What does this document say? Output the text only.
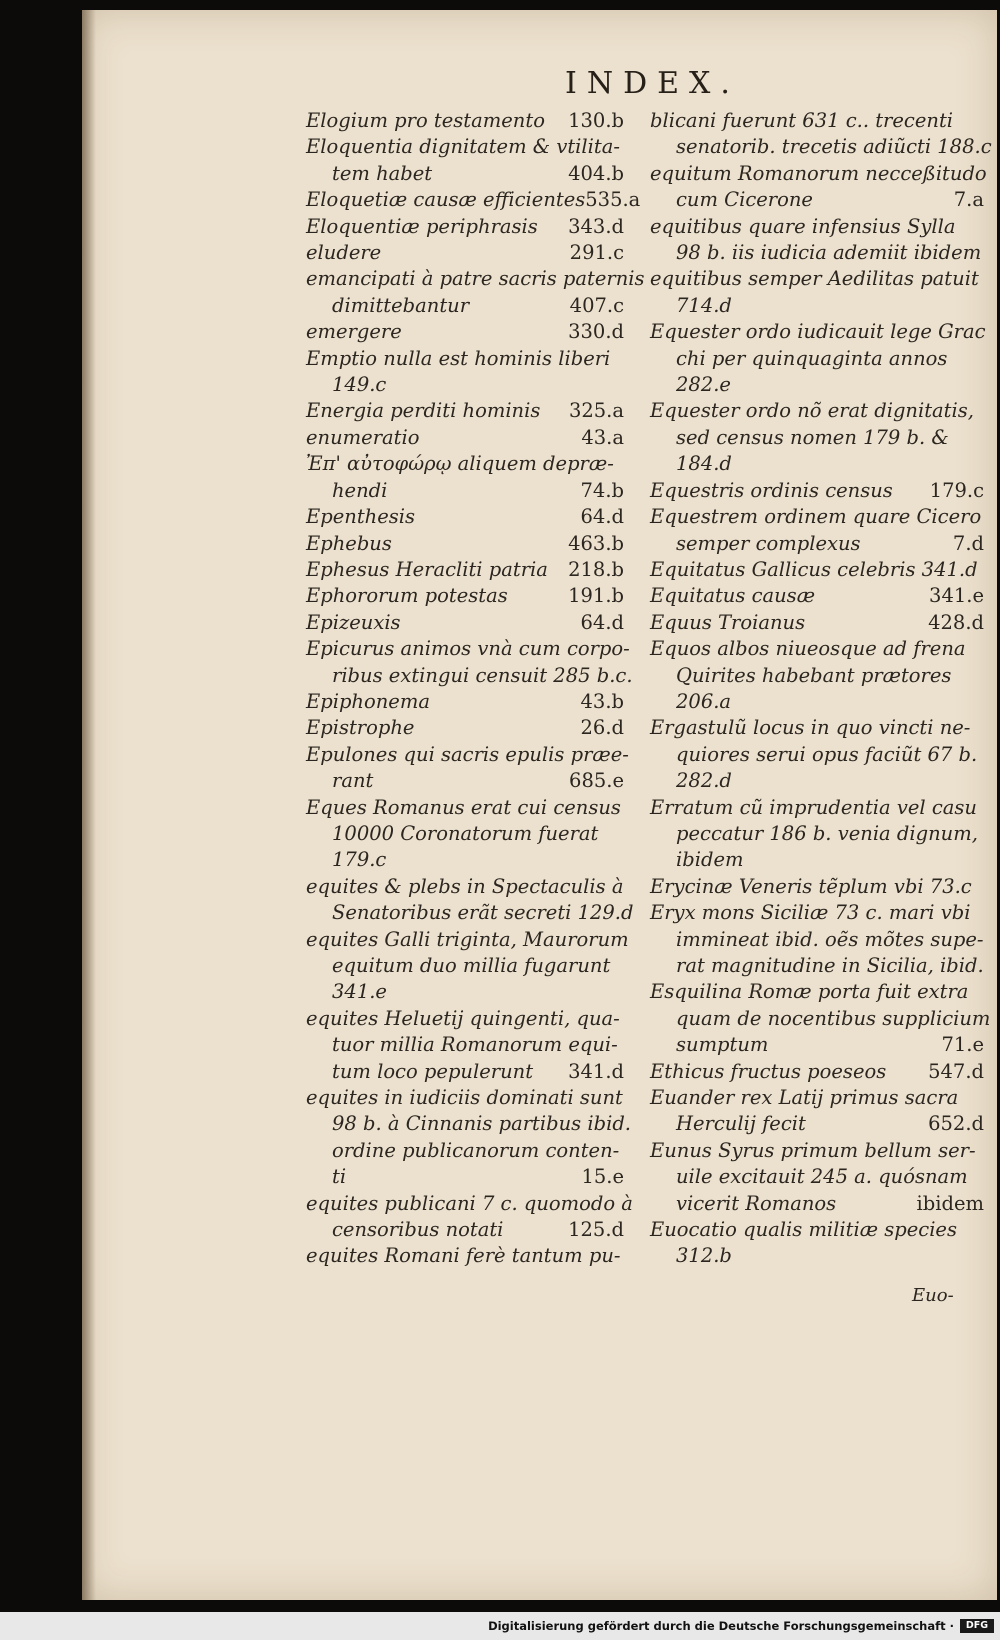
INDEX.
Elogium pro testamento 130.b
Eloquentia dignitatem & vtilita-
tem habet	404.b
Eloquetiæ causæ efficientes 535.a
Eloquentiæ periphrasis 343.d
eludere	291.c
emancipati à patre sacris paternis
dimittebantur	407.c
emergere	330.d
Emptio nulla est hominis liberi
149.c
Energia perditi hominis 325.a
enumeratio	43.a
Ἐπ' αὐτοφώρῳ aliquem depræ-
hendi	74.b
Epenthesis	64.d
Ephebus	463.b
Ephesus Heracliti patria 218.b
Ephororum potestas	191.b
Epizeuxis	64.d
Epicurus animos vnà cum corpo-
ribus extingui censuit 285 b.c.
Epiphonema	43.b
Epistrophe	26.d
Epulones qui sacris epulis præe-
rant	685.e
Eques Romanus erat cui census
10000 Coronatorum fuerat
179.c
equites & plebs in Spectaculis à
Senatoribus erãt secreti 129.d
equites Galli triginta, Maurorum
equitum duo millia fugarunt
341.e
equites Heluetij quingenti, qua-
tuor millia Romanorum equi-
tum loco pepulerunt 341.d
equites in iudiciis dominati sunt
98 b. à Cinnanis partibus ibid.
ordine publicanorum conten-
ti	15.e
equites publicani 7 c. quomodo à
censoribus notati	125.d
equites Romani ferè tantum pu-
blicani fuerunt 631 c.. trecenti
senatorib. trecetis adiũcti 188.c
equitum Romanorum necceßitudo
cum Cicerone	7.a
equitibus quare infensius Sylla
98 b. iis iudicia ademiit ibidem
equitibus semper Aedilitas patuit
714.d
Equester ordo iudicauit lege Grac
chi per quinquaginta annos
282.e
Equester ordo nõ erat dignitatis,
sed census nomen 179 b. &
184.d
Equestris ordinis census 179.c
Equestrem ordinem quare Cicero
semper complexus	7.d
Equitatus Gallicus celebris 341.d
Equitatus causæ	341.e
Equus Troianus	428.d
Equos albos niueosque ad frena
Quirites habebant prætores
206.a
Ergastulũ locus in quo vincti ne-
quiores serui opus faciũt 67 b.
282.d
Erratum cũ imprudentia vel casu
peccatur 186 b. venia dignum,
ibidem
Erycinæ Veneris tẽplum vbi 73.c
Eryx mons Siciliæ 73 c. mari vbi
immineat ibid. oẽs mõtes supe-
rat magnitudine in Sicilia, ibid.
Esquilina Romæ porta fuit extra
quam de nocentibus supplicium
sumptum	71.e
Ethicus fructus poeseos 547.d
Euander rex Latij primus sacra
Herculij fecit	652.d
Eunus Syrus primum bellum ser-
uile excitauit 245 a. quósnam
vicerit Romanos	ibidem
Euocatio qualis militiæ species
312.b
Euo-
Digitalisierung gefördert durch die Deutsche Forschungsgemeinschaft ·	DFG
